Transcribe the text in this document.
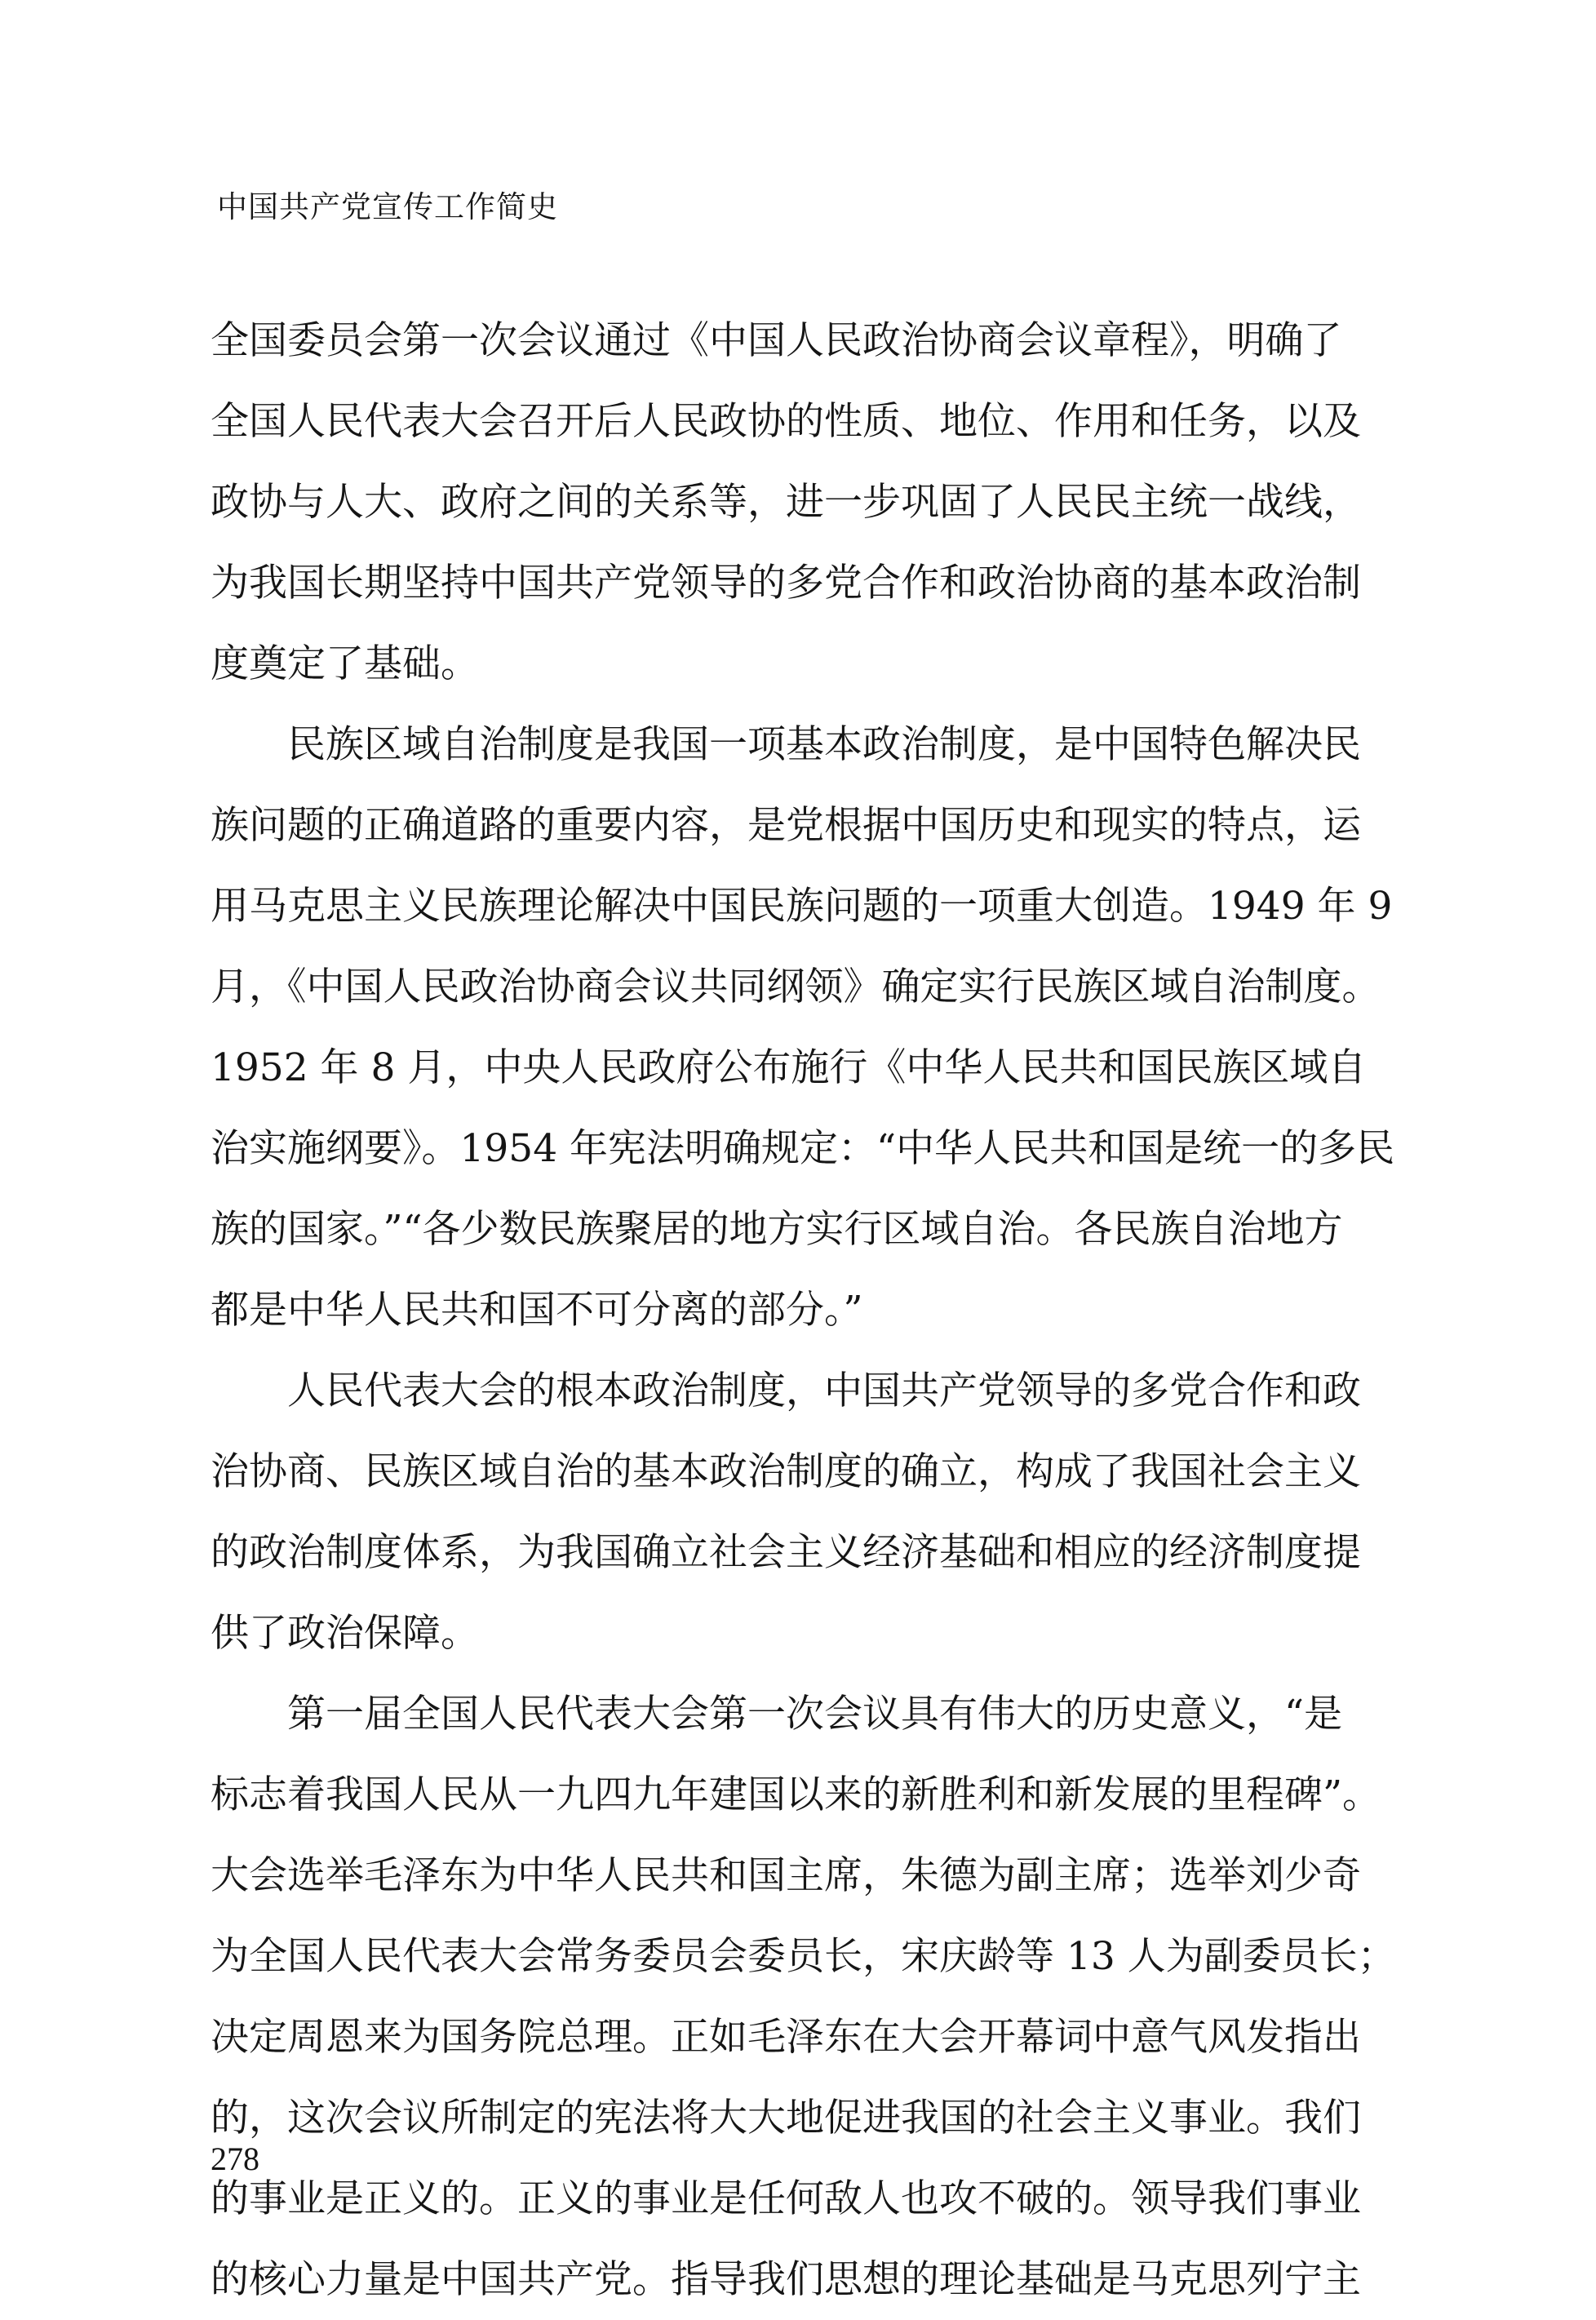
中国共产党宣传工作简史
全国委员会第一次会议通过《中国人民政治协商会议章程》，明确了
全国人民代表大会召开后人民政协的性质、地位、作用和任务，以及
政协与人大、政府之间的关系等，进一步巩固了人民民主统一战线，
为我国长期坚持中国共产党领导的多党合作和政治协商的基本政治制
度奠定了基础。
民族区域自治制度是我国一项基本政治制度，是中国特色解决民
族问题的正确道路的重要内容，是党根据中国历史和现实的特点，运
用马克思主义民族理论解决中国民族问题的一项重大创造。1949 年 9
月，《中国人民政治协商会议共同纲领》确定实行民族区域自治制度。
1952 年 8 月，中央人民政府公布施行《中华人民共和国民族区域自
治实施纲要》。1954 年宪法明确规定：“中华人民共和国是统一的多民
族的国家。”“各少数民族聚居的地方实行区域自治。各民族自治地方
都是中华人民共和国不可分离的部分。”
人民代表大会的根本政治制度，中国共产党领导的多党合作和政
治协商、民族区域自治的基本政治制度的确立，构成了我国社会主义
的政治制度体系，为我国确立社会主义经济基础和相应的经济制度提
供了政治保障。
第一届全国人民代表大会第一次会议具有伟大的历史意义，“是
标志着我国人民从一九四九年建国以来的新胜利和新发展的里程碑”。
大会选举毛泽东为中华人民共和国主席，朱德为副主席；选举刘少奇
为全国人民代表大会常务委员会委员长，宋庆龄等 13 人为副委员长；
决定周恩来为国务院总理。正如毛泽东在大会开幕词中意气风发指出
的，这次会议所制定的宪法将大大地促进我国的社会主义事业。我们
的事业是正义的。正义的事业是任何敌人也攻不破的。领导我们事业
的核心力量是中国共产党。指导我们思想的理论基础是马克思列宁主
278
